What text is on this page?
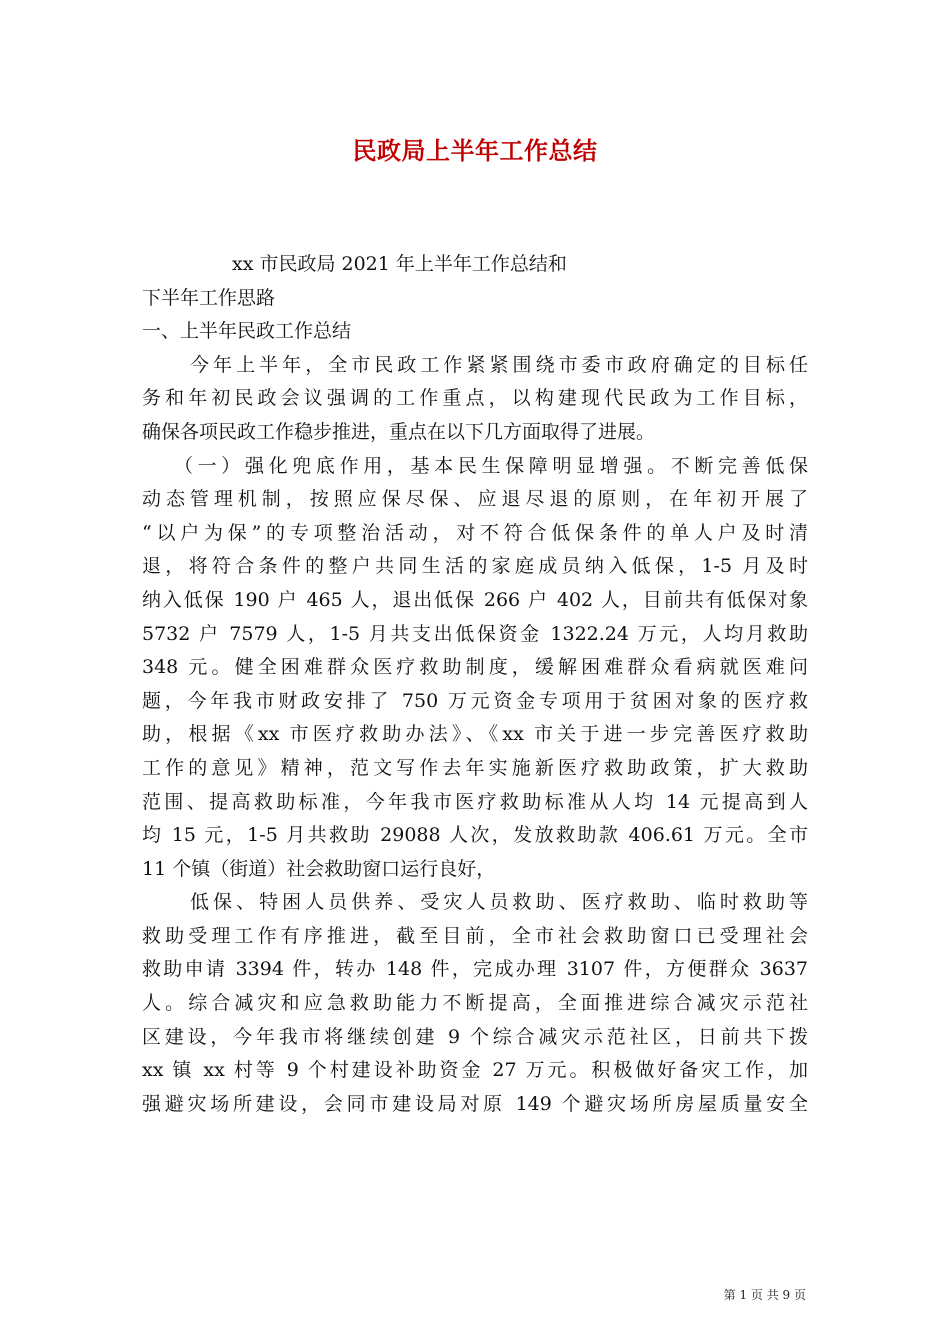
民政局上半年工作总结
xx 市民政局 2021 年上半年工作总结和
下半年工作思路
一、上半年民政工作总结
今年上半年，全市民政工作紧紧围绕市委市政府确定的目标任
务和年初民政会议强调的工作重点，以构建现代民政为工作目标，
确保各项民政工作稳步推进，重点在以下几方面取得了进展。
（一）强化兜底作用，基本民生保障明显增强。不断完善低保
动态管理机制，按照应保尽保、应退尽退的原则，在年初开展了
“以户为保”的专项整治活动，对不符合低保条件的单人户及时清
退，将符合条件的整户共同生活的家庭成员纳入低保，1-5 月及时
纳入低保 190 户 465 人，退出低保 266 户 402 人，目前共有低保对象
5732 户 7579 人，1-5 月共支出低保资金 1322.24 万元，人均月救助
348 元。健全困难群众医疗救助制度，缓解困难群众看病就医难问
题，今年我市财政安排了 750 万元资金专项用于贫困对象的医疗救
助，根据《xx 市医疗救助办法》、《xx 市关于进一步完善医疗救助
工作的意见》精神，范文写作去年实施新医疗救助政策，扩大救助
范围、提高救助标准，今年我市医疗救助标准从人均 14 元提高到人
均 15 元，1-5 月共救助 29088 人次，发放救助款 406.61 万元。全市
11 个镇（街道）社会救助窗口运行良好，
低保、特困人员供养、受灾人员救助、医疗救助、临时救助等
救助受理工作有序推进，截至目前，全市社会救助窗口已受理社会
救助申请 3394 件，转办 148 件，完成办理 3107 件，方便群众 3637
人。综合减灾和应急救助能力不断提高，全面推进综合减灾示范社
区建设，今年我市将继续创建 9 个综合减灾示范社区，日前共下拨
xx 镇 xx 村等 9 个村建设补助资金 27 万元。积极做好备灾工作，加
强避灾场所建设，会同市建设局对原 149 个避灾场所房屋质量安全
第 1 页 共 9 页
